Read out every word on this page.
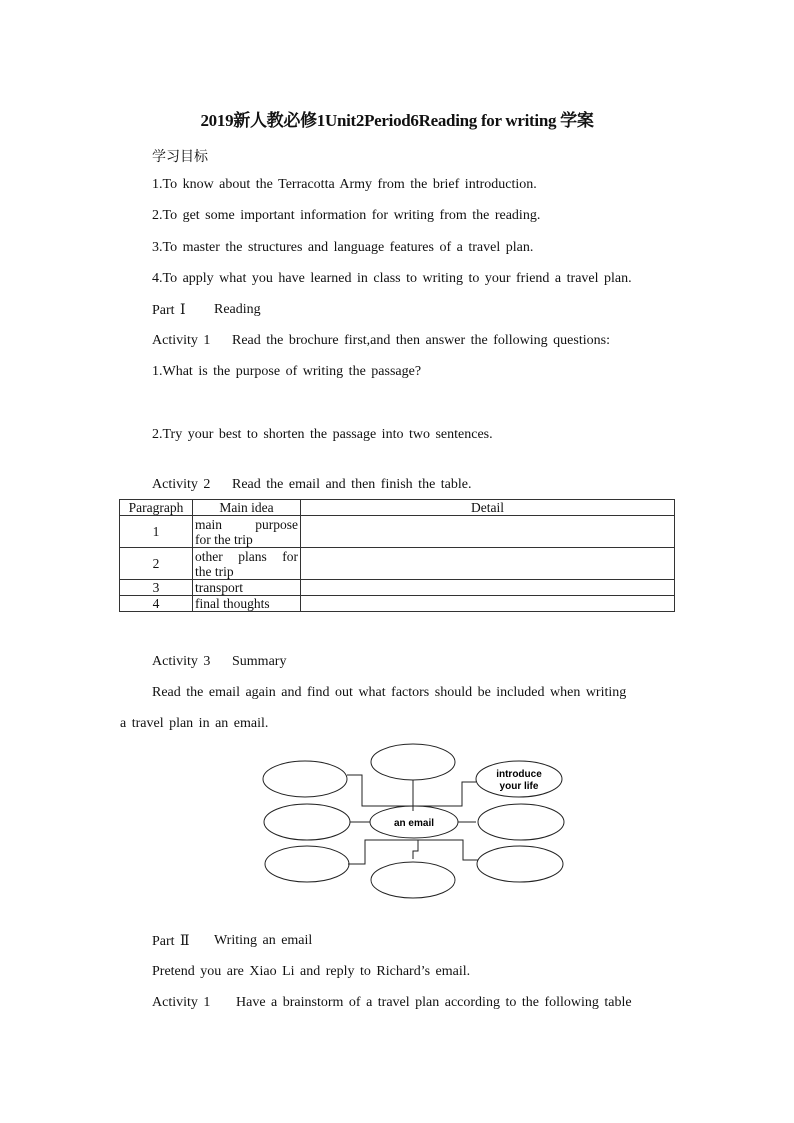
2019新人教必修1Unit2Period6Reading for writing 学案
学习目标
1.To know about the Terracotta Army from the brief introduction.
2.To get some important information for writing from the reading.
3.To master the structures and language features of a travel plan.
4.To apply what you have learned in class to writing to your friend a travel plan.
Part Ⅰ Reading
Activity 1 Read the brochure first,and then answer the following questions:
1.What is the purpose of writing the passage?
2.Try your best to shorten the passage into two sentences.
Activity 2 Read the email and then finish the table.
Paragraph	Main idea	Detail
1	main purpose
for the trip	

2	other plans for
the trip	

3	transport	
4	final thoughts	
Activity 3 Summary
Read the email again and find out what factors should be included when writing
a travel plan in an email.
an email
introduce
your life
Part Ⅱ Writing an email
Pretend you are Xiao Li and reply to Richard’s email.
Activity 1 Have a brainstorm of a travel plan according to the following table
